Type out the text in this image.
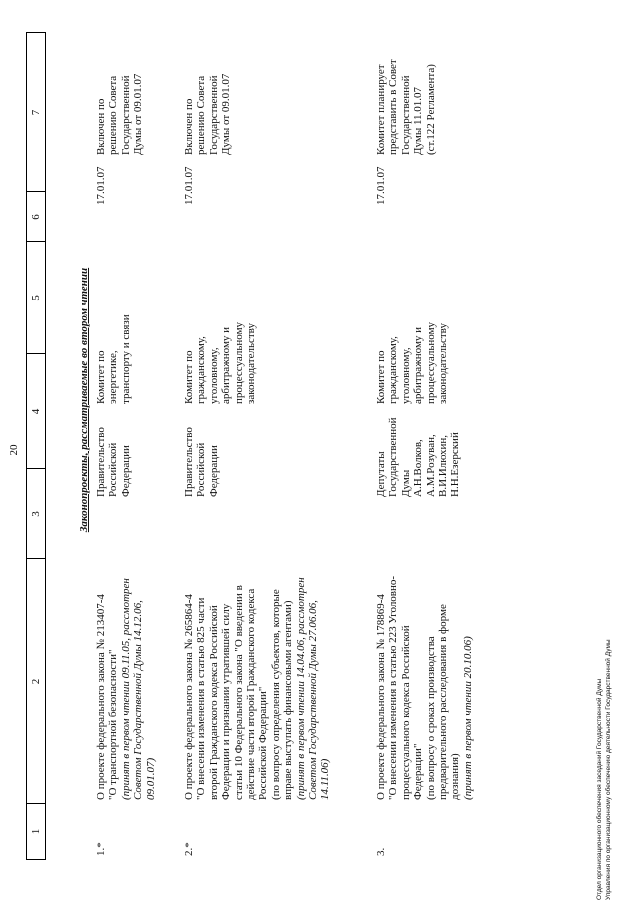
20
1
2
3
4
5
6
7
Законопроекты, рассматриваемые во втором чтении
1.*
О проекте федерального закона № 213407-4 "О транспортной безопасности" (принят в первом чтении 09.11.05, рассмотрен Советом Государственной Думы 14.12.06, 09.01.07)
Правительство Российской Федерации
Комитет по энергетике, транспорту и связи
17.01.07
Включен по решению Совета Государственной Думы от 09.01.07
2.*
О проекте федерального закона № 265864-4 "О внесении изменения в статью 825 части второй Гражданского кодекса Российской Федерации и признании утратившей силу статьи 10 Федерального закона "О введении в действие части второй Гражданского кодекса Российской Федерации" (по вопросу определения субъектов, которые вправе выступать финансовыми агентами) (принят в первом чтении 14.04.06, рассмотрен Советом Государственной Думы 27.06.06, 14.11.06)
Правительство Российской Федерации
Комитет по гражданскому, уголовному, арбитражному и процессуальному законодательству
17.01.07
Включен по решению Совета Государственной Думы от 09.01.07
3.
О проекте федерального закона № 178869-4 "О внесении изменения в статью 223 Уголовно- процессуального кодекса Российской Федерации" (по вопросу о сроках производства предварительного расследования в форме дознания) (принят в первом чтении 20.10.06)
Депутаты Государственной Думы А.Н.Волков, А.М.Розуван, В.И.Илюхин, Н.Н.Езерский
Комитет по гражданскому, уголовному, арбитражному и процессуальному законодательству
17.01.07
Комитет планирует представить в Совет Государственной Думы 11.01.07 (ст.122 Регламента)
Отдел организационного обеспечения заседаний Государственной Думы Управления по организационному обеспечению деятельности Государственной Думы
